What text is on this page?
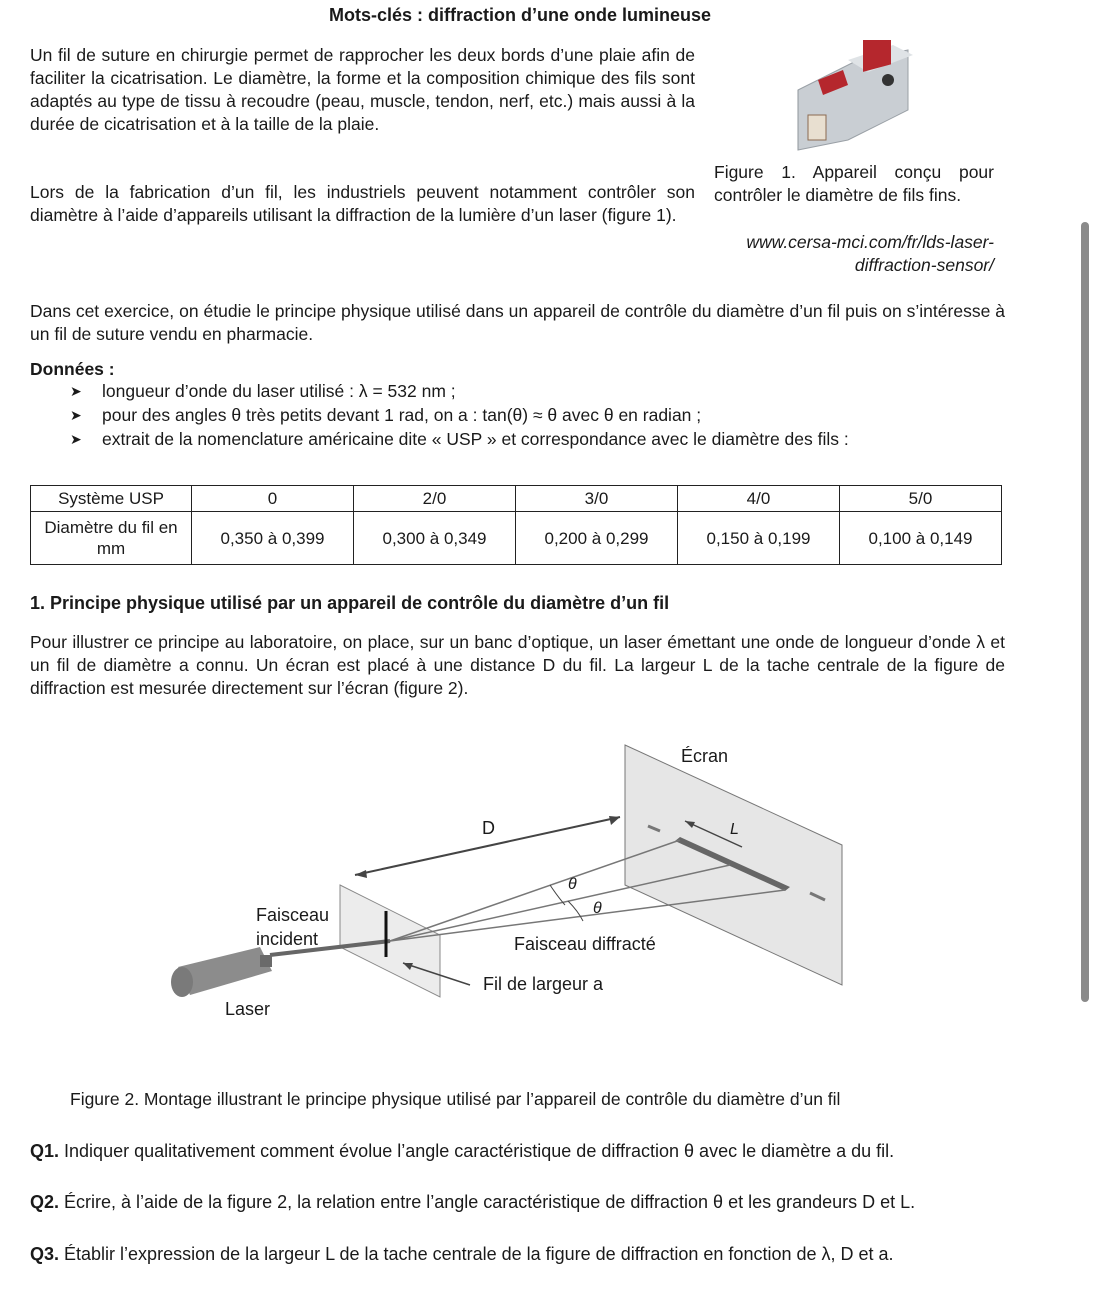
Mots-clés : diffraction d’une onde lumineuse
Un fil de suture en chirurgie permet de rapprocher les deux bords d’une plaie afin de faciliter la cicatrisation. Le diamètre, la forme et la composition chimique des fils sont adaptés au type de tissu à recoudre (peau, muscle, tendon, nerf, etc.) mais aussi à la durée de cicatrisation et à la taille de la plaie.
Lors de la fabrication d’un fil, les industriels peuvent notamment contrôler son diamètre à l’aide d’appareils utilisant la diffraction de la lumière d’un laser (figure 1).
Figure 1. Appareil conçu pour contrôler le diamètre de fils fins.
www.cersa-mci.com/fr/lds-laser-diffraction-sensor/
Dans cet exercice, on étudie le principe physique utilisé dans un appareil de contrôle du diamètre d’un fil puis on s’intéresse à un fil de suture vendu en pharmacie.
Données :
➤ longueur d’onde du laser utilisé : λ = 532 nm ;
➤ pour des angles θ très petits devant 1 rad, on a : tan(θ) ≈ θ avec θ en radian ;
➤ extrait de la nomenclature américaine dite « USP » et correspondance avec le diamètre des fils :
Système USP	0	2/0	3/0	4/0	5/0
Diamètre du fil en mm	0,350 à 0,399	0,300 à 0,349	0,200 à 0,299	0,150 à 0,199	0,100 à 0,149
1. Principe physique utilisé par un appareil de contrôle du diamètre d’un fil
Pour illustrer ce principe au laboratoire, on place, sur un banc d’optique, un laser émettant une onde de longueur d’onde λ et un fil de diamètre a connu. Un écran est placé à une distance D du fil. La largeur L de la tache centrale de la figure de diffraction est mesurée directement sur l’écran (figure 2).
Écran
D	L
θ
θ
Faisceau
incident	Faisceau diffracté
Fil de largeur a
Laser
Figure 2. Montage illustrant le principe physique utilisé par l’appareil de contrôle du diamètre d’un fil
Q1. Indiquer qualitativement comment évolue l’angle caractéristique de diffraction θ avec le diamètre a du fil.
Q2. Écrire, à l’aide de la figure 2, la relation entre l’angle caractéristique de diffraction θ et les grandeurs D et L.
Q3. Établir l’expression de la largeur L de la tache centrale de la figure de diffraction en fonction de λ, D et a.
